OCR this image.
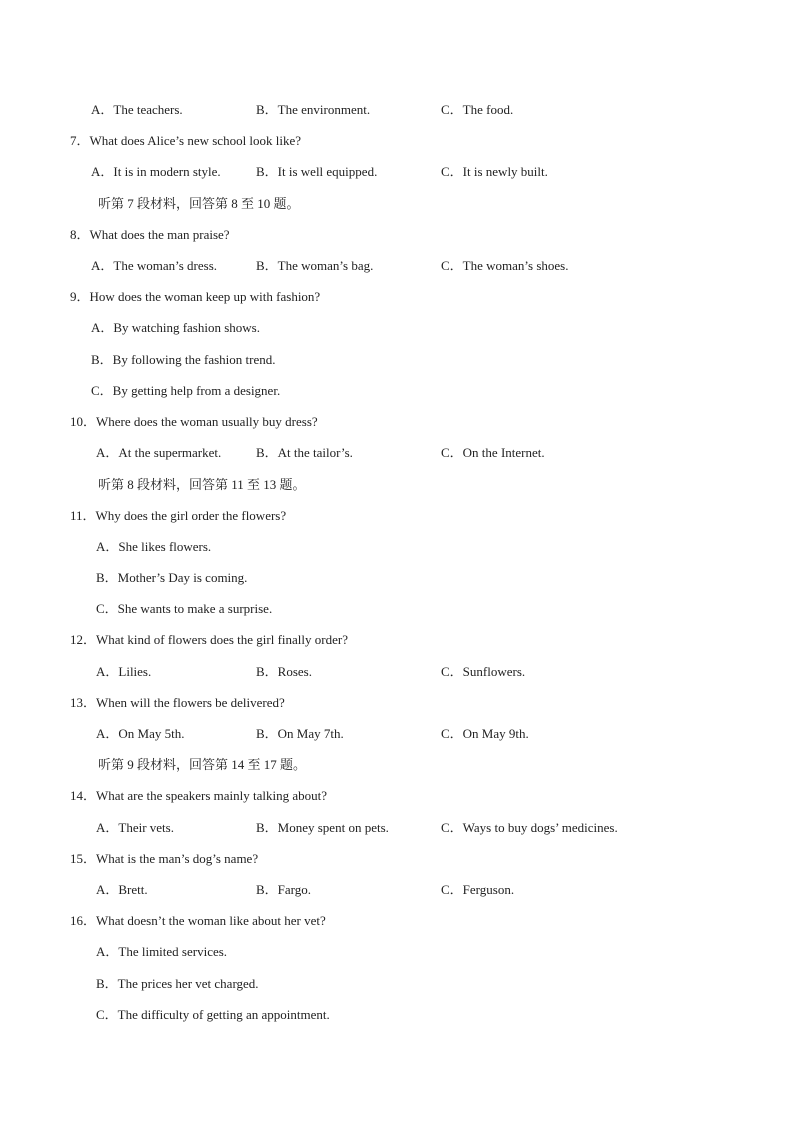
A．The teachers.	B．The environment.	C．The food.
7．What does Alice’s new school look like?
A．It is in modern style.	B．It is well equipped.	C．It is newly built.
听第 7 段材料，回答第 8 至 10 题。
8．What does the man praise?
A．The woman’s dress.	B．The woman’s bag.	C．The woman’s shoes.
9．How does the woman keep up with fashion?
A．By watching fashion shows.
B．By following the fashion trend.
C．By getting help from a designer.
10．Where does the woman usually buy dress?
A．At the supermarket.	B．At the tailor’s.	C．On the Internet.
听第 8 段材料，回答第 11 至 13 题。
11．Why does the girl order the flowers?
A．She likes flowers.
B．Mother’s Day is coming.
C．She wants to make a surprise.
12．What kind of flowers does the girl finally order?
A．Lilies.	B．Roses.	C．Sunflowers.
13．When will the flowers be delivered?
A．On May 5th.	B．On May 7th.	C．On May 9th.
听第 9 段材料，回答第 14 至 17 题。
14．What are the speakers mainly talking about?
A．Their vets.	B．Money spent on pets.	C．Ways to buy dogs’ medicines.
15．What is the man’s dog’s name?
A．Brett.	B．Fargo.	C．Ferguson.
16．What doesn’t the woman like about her vet?
A．The limited services.
B．The prices her vet charged.
C．The difficulty of getting an appointment.
